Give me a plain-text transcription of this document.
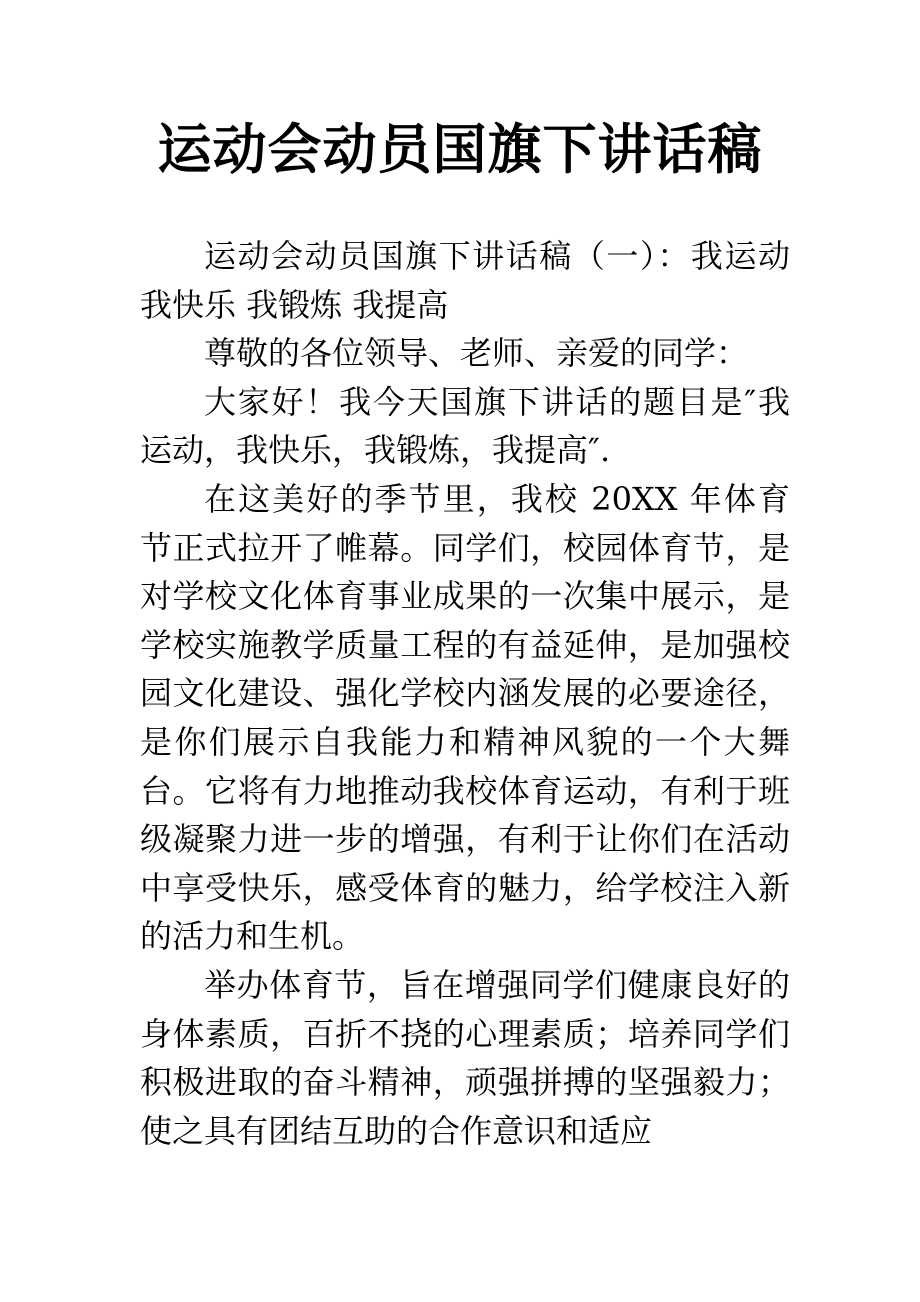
运动会动员国旗下讲话稿

运动会动员国旗下讲话稿（一）：我运动 我快乐 我锻炼 我提高

尊敬的各位领导、老师、亲爱的同学：

大家好！我今天国旗下讲话的题目是″我运动，我快乐，我锻炼，我提高″.

在这美好的季节里，我校 20XX 年体育节正式拉开了帷幕。同学们，校园体育节，是对学校文化体育事业成果的一次集中展示，是学校实施教学质量工程的有益延伸，是加强校园文化建设、强化学校内涵发展的必要途径，是你们展示自我能力和精神风貌的一个大舞台。它将有力地推动我校体育运动，有利于班级凝聚力进一步的增强，有利于让你们在活动中享受快乐，感受体育的魅力，给学校注入新的活力和生机。

举办体育节，旨在增强同学们健康良好的身体素质，百折不挠的心理素质；培养同学们积极进取的奋斗精神，顽强拼搏的坚强毅力；使之具有团结互助的合作意识和适应
